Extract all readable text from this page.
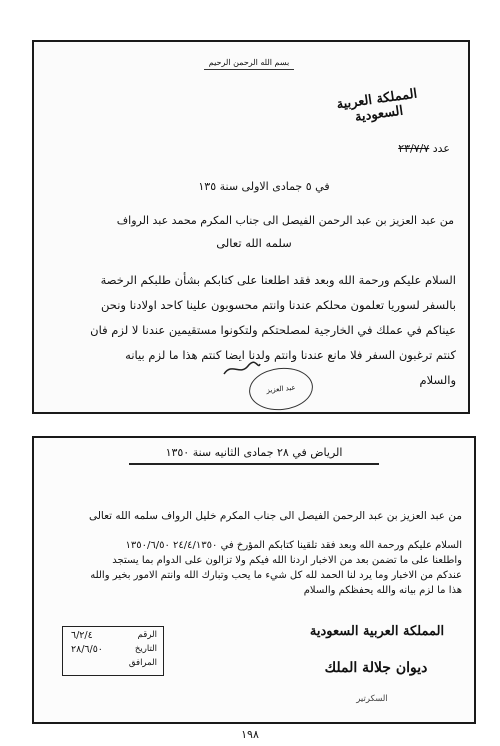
بسم الله الرحمن الرحيم
المملكة العربية السعودية
عدد ٢٣/٧/٧
في ٥ جمادى الاولى سنة ١٣٥
من عبد العزيز بن عبد الرحمن الفيصل الى جناب المكرم محمد عبد الرواف
سلمه الله تعالى
السلام عليكم ورحمة الله وبعد فقد اطلعنا على كتابكم بشأن طلبكم الرخصة
بالسفر لسوريا تعلمون محلكم عندنا وانتم محسوبون علينا كاحد اولادنا ونحن
عيناكم في عملك في الخارجية لمصلحتكم ولتكونوا مستقيمين عندنا لا لزم فان
كنتم ترغبون السفر فلا مانع عندنا وانتم ولدنا ايضا كنتم هذا ما لزم بيانه
والسلام
عبد العزيز
الرياض في ٢٨ جمادى الثانيه سنة ١٣٥٠
من عبد العزيز بن عبد الرحمن الفيصل الى جناب المكرم خليل الرواف سلمه الله تعالى
السلام عليكم ورحمة الله وبعد فقد تلقينا كتابكم المؤرخ في ٢٤/٤/١٣٥٠ ١٣٥٠/٦/٥٠
واطلعنا على ما تضمن بعد من الاخبار اردنا الله فيكم ولا تزالون على الدوام بما يستجد
عندكم من الاخبار وما يرد لنا الحمد لله كل شيء ما يحب وتبارك الله وانتم الامور بخير والله
هذا ما لزم بيانه والله يحفظكم والسلام
الرقم
٦/٢/٤
التاريخ
٢٨/٦/٥٠
المرافق
المملكة العربية السعودية
ديوان جلالة الملك
السكرتير
١٩٨
